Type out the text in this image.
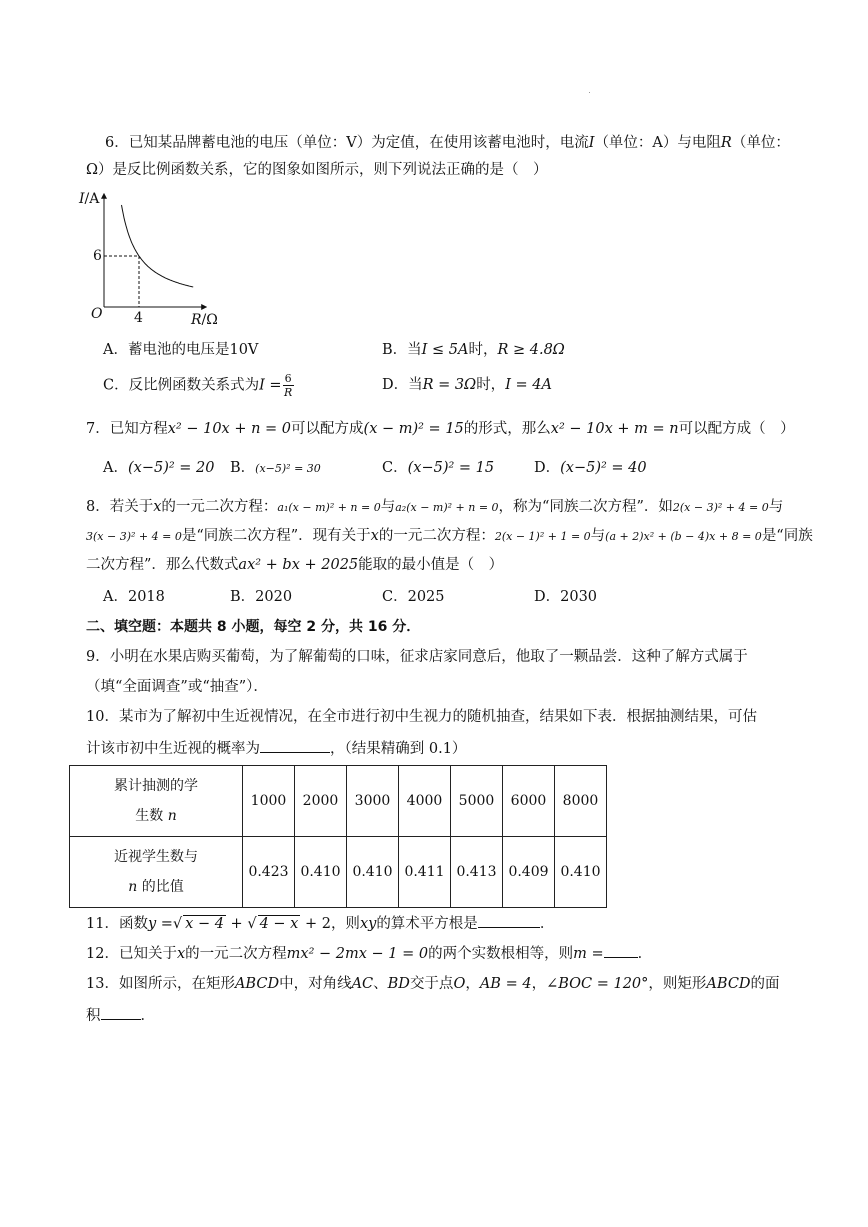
6．已知某品牌蓄电池的电压（单位：V）为定值，在使用该蓄电池时，电流I（单位：A）与电阻R（单位：
Ω）是反比例函数关系，它的图象如图所示，则下列说法正确的是（　）
I/A
6
O 4	R/Ω
A．蓄电池的电压是10V	B．当I ≤ 5A时，R ≥ 4.8Ω
C．反比例函数关系式为$I = \frac{6}{R}$	D．当R = 3Ω时，I = 4A
7．已知方程x² − 10x + n = 0可以配方成(x − m)² = 15的形式，那么x² − 10x + m = n可以配方成（　）
A．(x−5)² = 20 B．(x−5)² = 30	C．(x−5)² = 15	D．(x−5)² = 40
8．若关于x的一元二次方程：a₁(x − m)² + n = 0与a₂(x − m)² + n = 0，称为“同族二次方程”．如2(x − 3)² + 4 = 0与
3(x − 3)² + 4 = 0是“同族二次方程”．现有关于x的一元二次方程：2(x − 1)² + 1 = 0与(a + 2)x² + (b − 4)x + 8 = 0是“同族
二次方程”．那么代数式ax² + bx + 2025能取的最小值是（　）
A．2018	B．2020	C．2025	D．2030
二、填空题：本题共 8 小题，每空 2 分，共 16 分．
9．小明在水果店购买葡萄，为了解葡萄的口味，征求店家同意后，他取了一颗品尝．这种了解方式属于
（填“全面调查”或“抽查”）．
10．某市为了解初中生近视情况，在全市进行初中生视力的随机抽查，结果如下表．根据抽测结果，可估
计该市初中生近视的概率为	，（结果精确到 0.1）
累计抽测的学
生数 n	1000	2000	3000	4000	5000	6000	8000

近视学生数与
n 的比值	0.423	0.410	0.410	0.411	0.413	0.409	0.410
11．函数y =√ x − 4 + √ 4 − x + 2，则xy的算术平方根是	．
12．已知关于x的一元二次方程mx² − 2mx − 1 = 0的两个实数根相等，则m = ．
13．如图所示，在矩形ABCD中，对角线AC、BD交于点O，AB = 4，∠BOC = 120°，则矩形ABCD的面
积	．
